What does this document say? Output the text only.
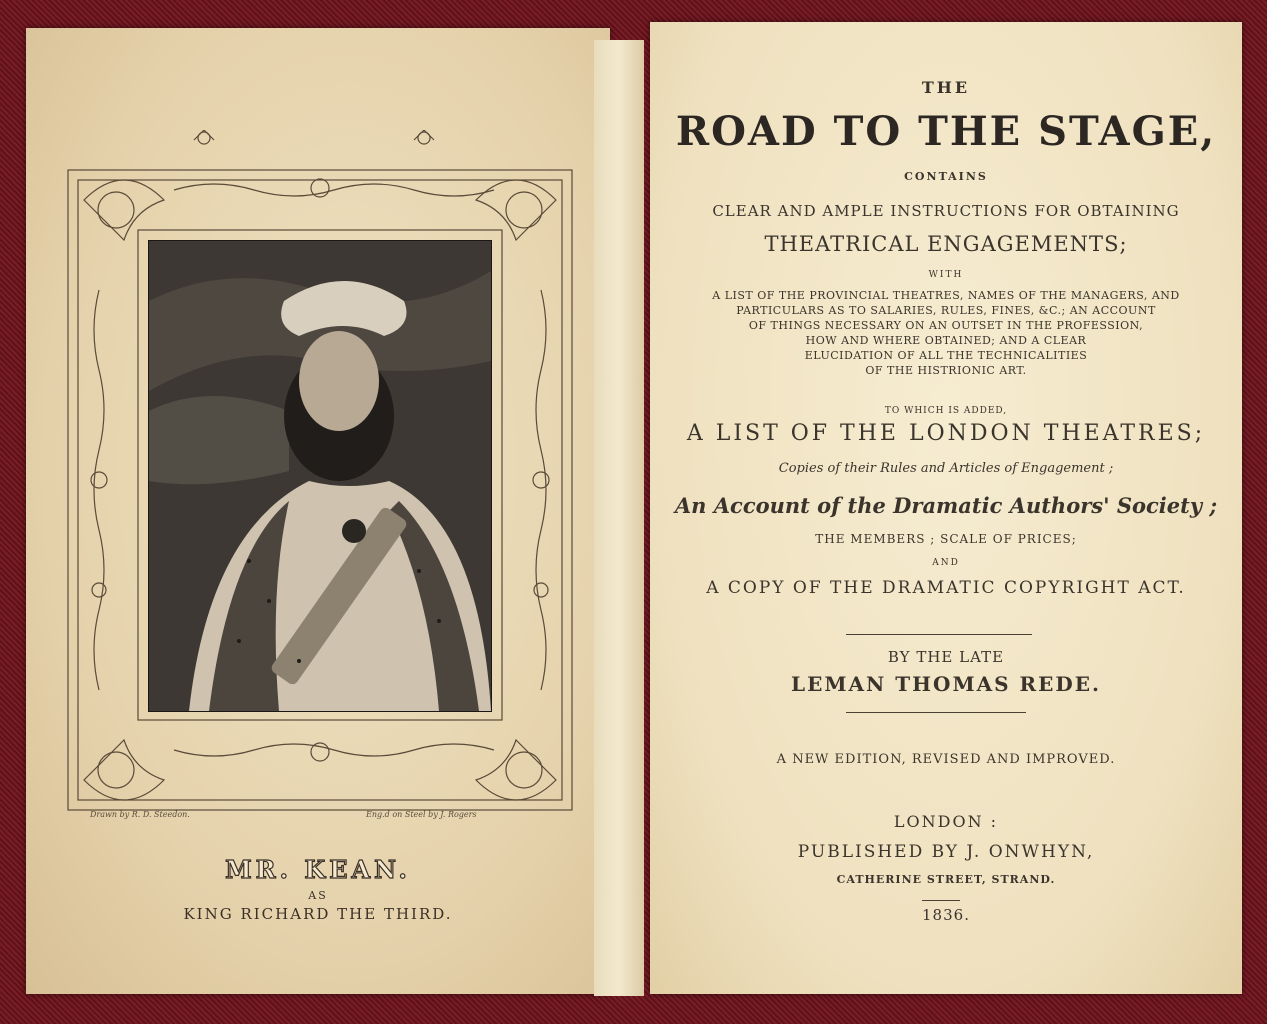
Drawn by R. D. Steedon.	Eng.d on Steel by J. Rogers
MR. KEAN.
AS
KING RICHARD THE THIRD.
THE
ROAD TO THE STAGE,
CONTAINS
CLEAR AND AMPLE INSTRUCTIONS FOR OBTAINING
THEATRICAL ENGAGEMENTS;
WITH
A LIST OF THE PROVINCIAL THEATRES, NAMES OF THE MANAGERS, AND
PARTICULARS AS TO SALARIES, RULES, FINES, &C.; AN ACCOUNT
OF THINGS NECESSARY ON AN OUTSET IN THE PROFESSION,
HOW AND WHERE OBTAINED; AND A CLEAR
ELUCIDATION OF ALL THE TECHNICALITIES
OF THE HISTRIONIC ART.
TO WHICH IS ADDED,
A LIST OF THE LONDON THEATRES;
Copies of their Rules and Articles of Engagement ;
An Account of the Dramatic Authors' Society ;
THE MEMBERS ; SCALE OF PRICES;
AND
A COPY OF THE DRAMATIC COPYRIGHT ACT.
BY THE LATE
LEMAN THOMAS REDE.
A NEW EDITION, REVISED AND IMPROVED.
LONDON :
PUBLISHED BY J. ONWHYN,
CATHERINE STREET, STRAND.
1836.
